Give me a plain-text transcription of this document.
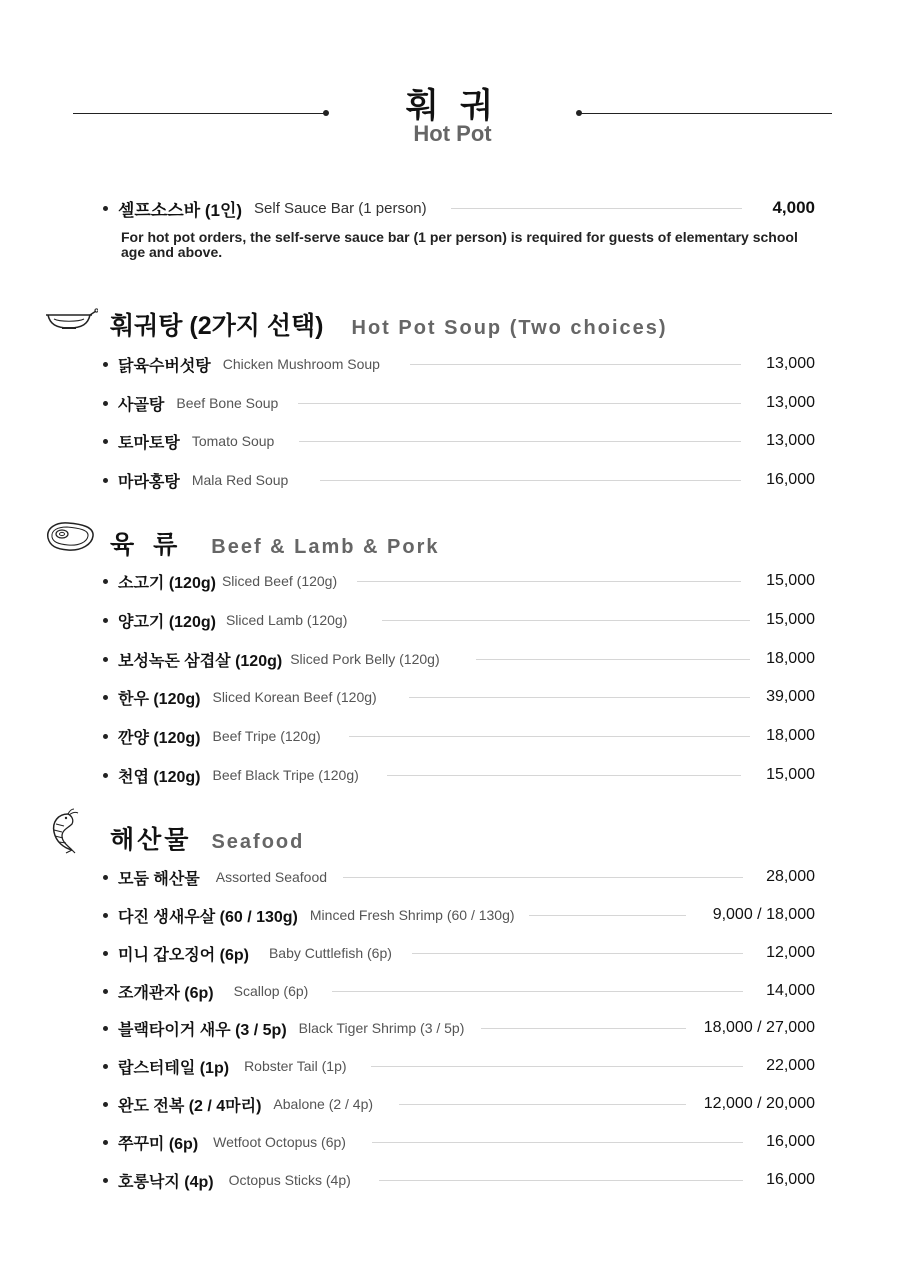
훠 궈
Hot Pot
셀프소스바 (1인) Self Sauce Bar (1 person)	4,000
For hot pot orders, the self-serve sauce bar (1 per person) is required for guests of elementary school age and above.
훠궈탕 (2가지 선택) Hot Pot Soup (Two choices)
닭육수버섯탕 Chicken Mushroom Soup	13,000
사골탕 Beef Bone Soup	13,000
토마토탕 Tomato Soup	13,000
마라홍탕 Mala Red Soup	16,000
육 류 Beef & Lamb & Pork
소고기 (120g) Sliced Beef (120g)	15,000
양고기 (120g) Sliced Lamb (120g)	15,000
보성녹돈 삼겹살 (120g) Sliced Pork Belly (120g)	18,000
한우 (120g) Sliced Korean Beef (120g)	39,000
깐양 (120g) Beef Tripe (120g)	18,000
천엽 (120g) Beef Black Tripe (120g)	15,000
해산물 Seafood
모둠 해산물 Assorted Seafood	28,000
다진 생새우살 (60 / 130g) Minced Fresh Shrimp (60 / 130g)	9,000 / 18,000
미니 갑오징어 (6p) Baby Cuttlefish (6p)	12,000
조개관자 (6p) Scallop (6p)	14,000
블랙타이거 새우 (3 / 5p) Black Tiger Shrimp (3 / 5p)	18,000 / 27,000
랍스터테일 (1p) Robster Tail (1p)	22,000
완도 전복 (2 / 4마리) Abalone (2 / 4p)	12,000 / 20,000
쭈꾸미 (6p) Wetfoot Octopus (6p)	16,000
호롱낙지 (4p) Octopus Sticks (4p)	16,000
